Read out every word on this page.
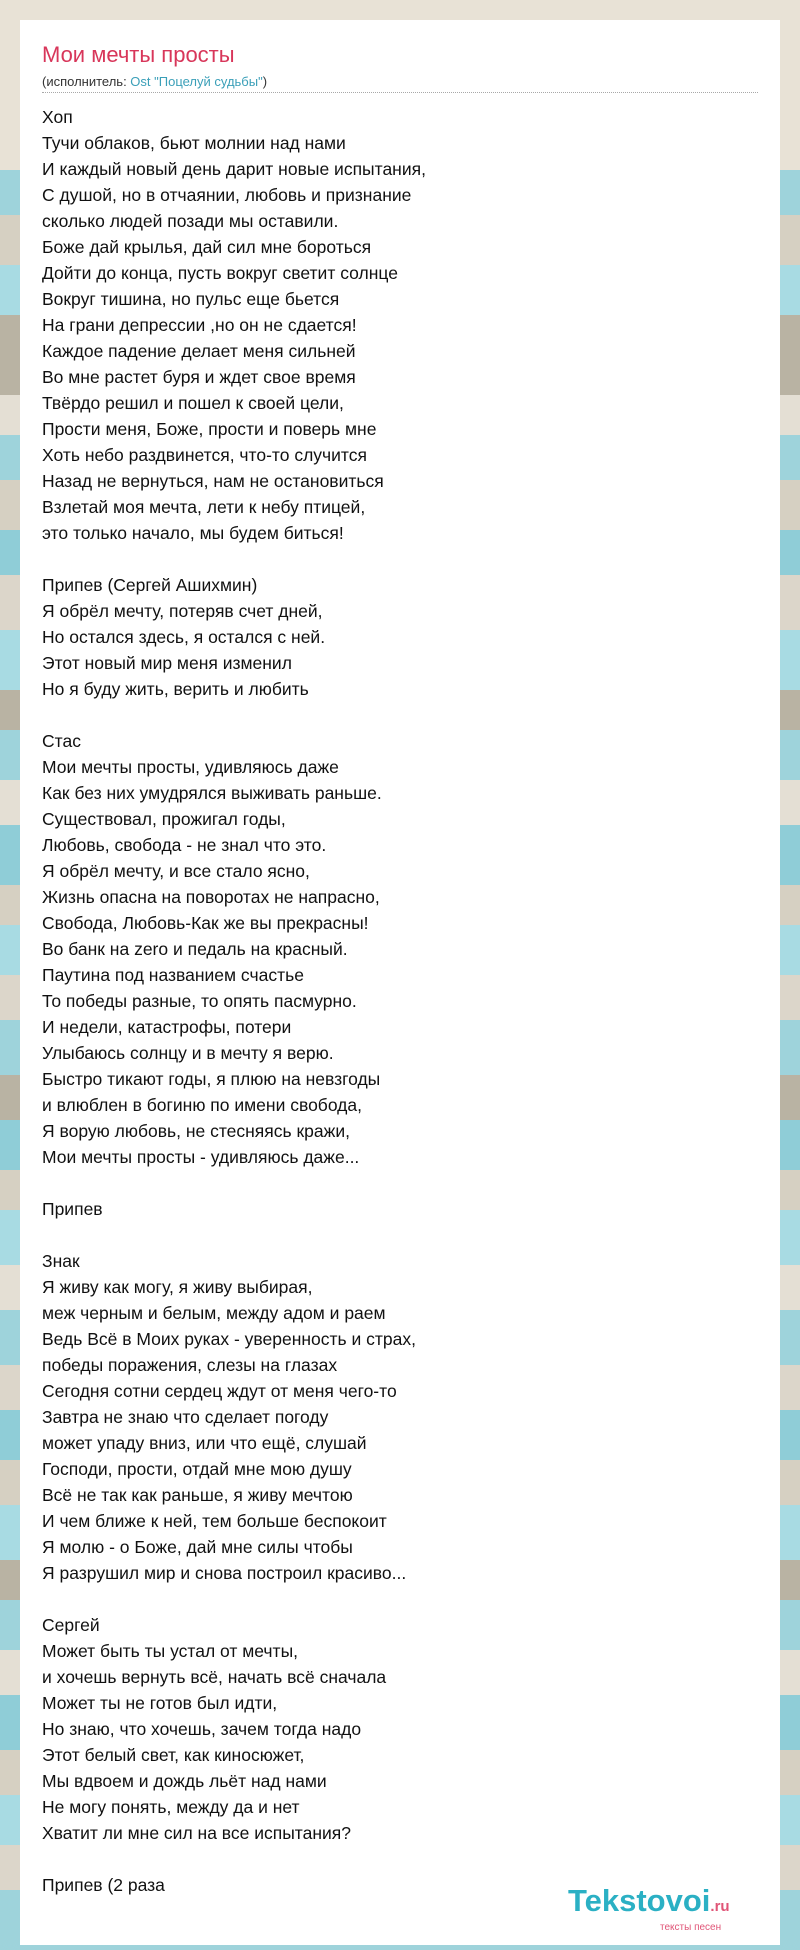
Мои мечты просты
(исполнитель: Ost "Поцелуй судьбы")
Хоп
Тучи облаков, бьют молнии над нами
И каждый новый день дарит новые испытания,
С душой, но в отчаянии, любовь и признание
сколько людей позади мы оставили.
Боже дай крылья, дай сил мне бороться
Дойти до конца, пусть вокруг светит солнце
Вокруг тишина, но пульс еще бьется
На грани депрессии ,но он не сдается!
Каждое падение делает меня сильней
Во мне растет буря и ждет свое время
Твёрдо решил и пошел к своей цели,
Прости меня, Боже, прости и поверь мне
Хоть небо раздвинется, что-то случится
Назад не вернуться, нам не остановиться
Взлетай моя мечта, лети к небу птицей,
это только начало, мы будем биться!
Припев (Сергей Ашихмин)
Я обрёл мечту, потеряв счет дней,
Но остался здесь, я остался с ней.
Этот новый мир меня изменил
Но я буду жить, верить и любить
Стас
Мои мечты просты, удивляюсь даже
Как без них умудрялся выживать раньше.
Существовал, прожигал годы,
Любовь, свобода - не знал что это.
Я обрёл мечту, и все стало ясно,
Жизнь опасна на поворотах не напрасно,
Свобода, Любовь-Как же вы прекрасны!
Во банк на zero и педаль на красный.
Паутина под названием счастье
То победы разные, то опять пасмурно.
И недели, катастрофы, потери
Улыбаюсь солнцу и в мечту я верю.
Быстро тикают годы, я плюю на невзгоды
и влюблен в богиню по имени свобода,
Я ворую любовь, не стесняясь кражи,
Мои мечты просты - удивляюсь даже...
Припев
Знак
Я живу как могу, я живу выбирая,
меж черным и белым, между адом и раем
Ведь Всё в Моих руках - уверенность и страх,
победы поражения, слезы на глазах
Сегодня сотни сердец ждут от меня чего-то
Завтра не знаю что сделает погоду
может упаду вниз, или что ещё, слушай
Господи, прости, отдай мне мою душу
Всё не так как раньше, я живу мечтою
И чем ближе к ней, тем больше беспокоит
Я молю - о Боже, дай мне силы чтобы
Я разрушил мир и снова построил красиво...
Сергей
Может быть ты устал от мечты,
и хочешь вернуть всё, начать всё сначала
Может ты не готов был идти,
Но знаю, что хочешь, зачем тогда надо
Этот белый свет, как киносюжет,
Мы вдвоем и дождь льёт над нами
Не могу понять, между да и нет
Хватит ли мне сил на все испытания?
Припев (2 раза	Tekstovoi.ru
тексты песен
